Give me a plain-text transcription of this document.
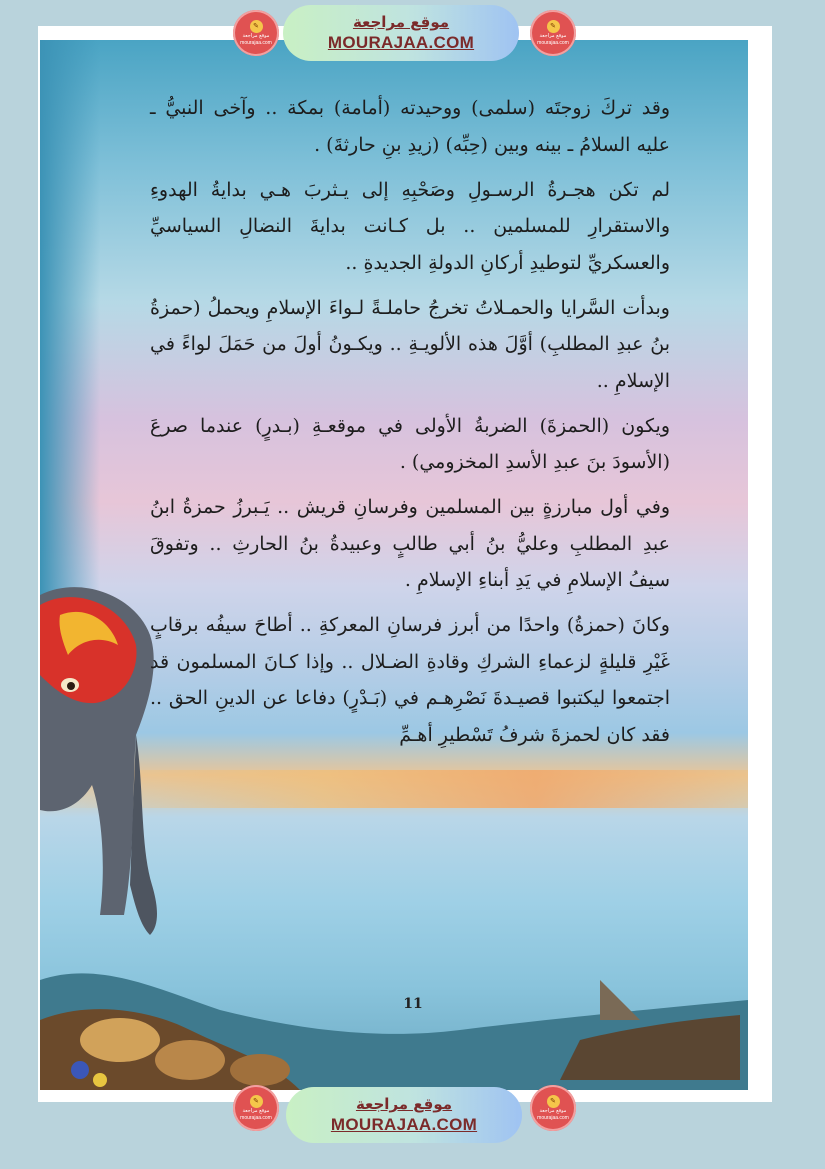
وقد تركَ زوجتَه (سلمى) ووحيدته (أمامة) بمكة .. وآخى النبيُّ ـ عليه السلامُ ـ بينه وبين (حِبِّه) (زيدِ بنِ حارثةَ) .

لم تكن هجـرةُ الرسـولِ وصَحْبِهِ إلى يـثربَ هـي بدايةُ الهدوءِ والاستقرارِ للمسلمين .. بل كـانت بدايةَ النضالِ السياسيِّ والعسكريِّ لتوطيدِ أركانِ الدولةِ الجديدةِ ..

وبدأت السَّرايا والحمـلاتُ تخرجُ حاملـةً لـواءَ الإسلامِ ويحملُ (حمزةُ بنُ عبدِ المطلبِ) أوَّلَ هذه الألويـةِ .. ويكـونُ أولَ من حَمَلَ لواءً في الإسلامِ ..

ويكون (الحمزةَ) الضربةُ الأولى في موقعـةِ (بـدرٍ) عندما صرعَ (الأسودَ بنَ عبدِ الأسدِ المخزومي) .

وفي أول مبارزةٍ بين المسلمين وفرسانِ قريش .. يَـبرزُ حمزةُ ابنُ عبدِ المطلبِ وعليُّ بنُ أبي طالبٍ وعبيدةُ بنُ الحارثِ .. وتفوقَ سيفُ الإسلامِ في يَدِ أبناءِ الإسلامِ .

وكانَ (حمزةُ) واحدًا من أبرز فرسانِ المعركةِ .. أطاحَ سيفُه برقابٍ غَيْرِ قليلةٍ لزعماءِ الشركِ وقادةِ الضـلال .. وإذا كـانَ المسلمون قد اجتمعوا ليكتبوا قصيـدةَ نَصْرِهـم في (بَـدْرٍ) دفاعا عن الدينِ الحق .. فقد كان لحمزةَ شرفُ تَسْطيرِ أهـمِّ

11
موقع مراجعة
MOURAJAA.COM
موقع مراجعة
MOURAJAA.COM
✎
موقع مراجعة
mourajaa.com
✎
موقع مراجعة
mourajaa.com
✎
موقع مراجعة
mourajaa.com
✎
موقع مراجعة
mourajaa.com
